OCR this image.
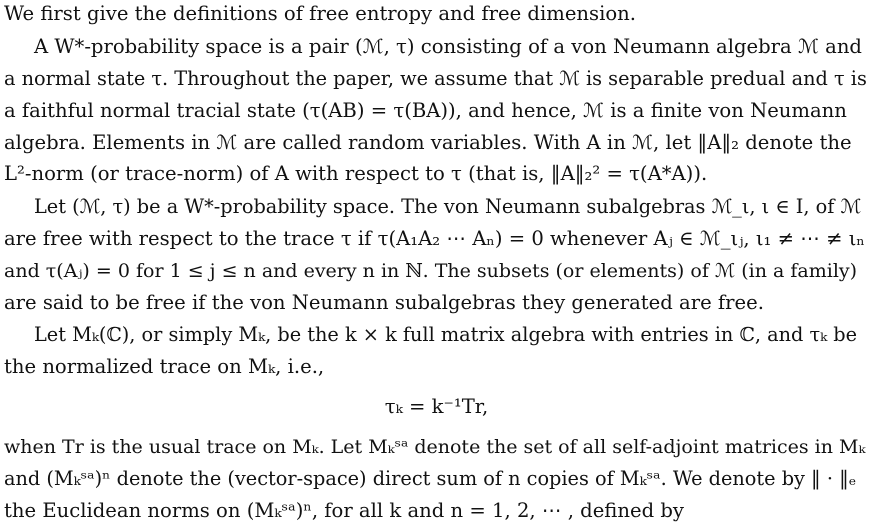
We first give the definitions of free entropy and free dimension.
A W*-probability space is a pair (ℳ, τ) consisting of a von Neumann algebra ℳ and
a normal state τ. Throughout the paper, we assume that ℳ is separable predual and τ is
a faithful normal tracial state (τ(AB) = τ(BA)), and hence, ℳ is a finite von Neumann
algebra. Elements in ℳ are called random variables. With A in ℳ, let ‖A‖₂ denote the
L²-norm (or trace-norm) of A with respect to τ (that is, ‖A‖₂² = τ(A*A)).
Let (ℳ, τ) be a W*-probability space. The von Neumann subalgebras ℳ_ι, ι ∈ I, of ℳ
are free with respect to the trace τ if τ(A₁A₂ ⋯ Aₙ) = 0 whenever Aⱼ ∈ ℳ_ιⱼ, ι₁ ≠ ⋯ ≠ ιₙ
and τ(Aⱼ) = 0 for 1 ≤ j ≤ n and every n in ℕ. The subsets (or elements) of ℳ (in a family)
are said to be free if the von Neumann subalgebras they generated are free.
Let Mₖ(ℂ), or simply Mₖ, be the k × k full matrix algebra with entries in ℂ, and τₖ be
the normalized trace on Mₖ, i.e.,
τₖ = k⁻¹Tr,
when Tr is the usual trace on Mₖ. Let Mₖˢᵃ denote the set of all self-adjoint matrices in Mₖ
and (Mₖˢᵃ)ⁿ denote the (vector-space) direct sum of n copies of Mₖˢᵃ. We denote by ‖ · ‖ₑ
the Euclidean norms on (Mₖˢᵃ)ⁿ, for all k and n = 1, 2, ⋯ , defined by
